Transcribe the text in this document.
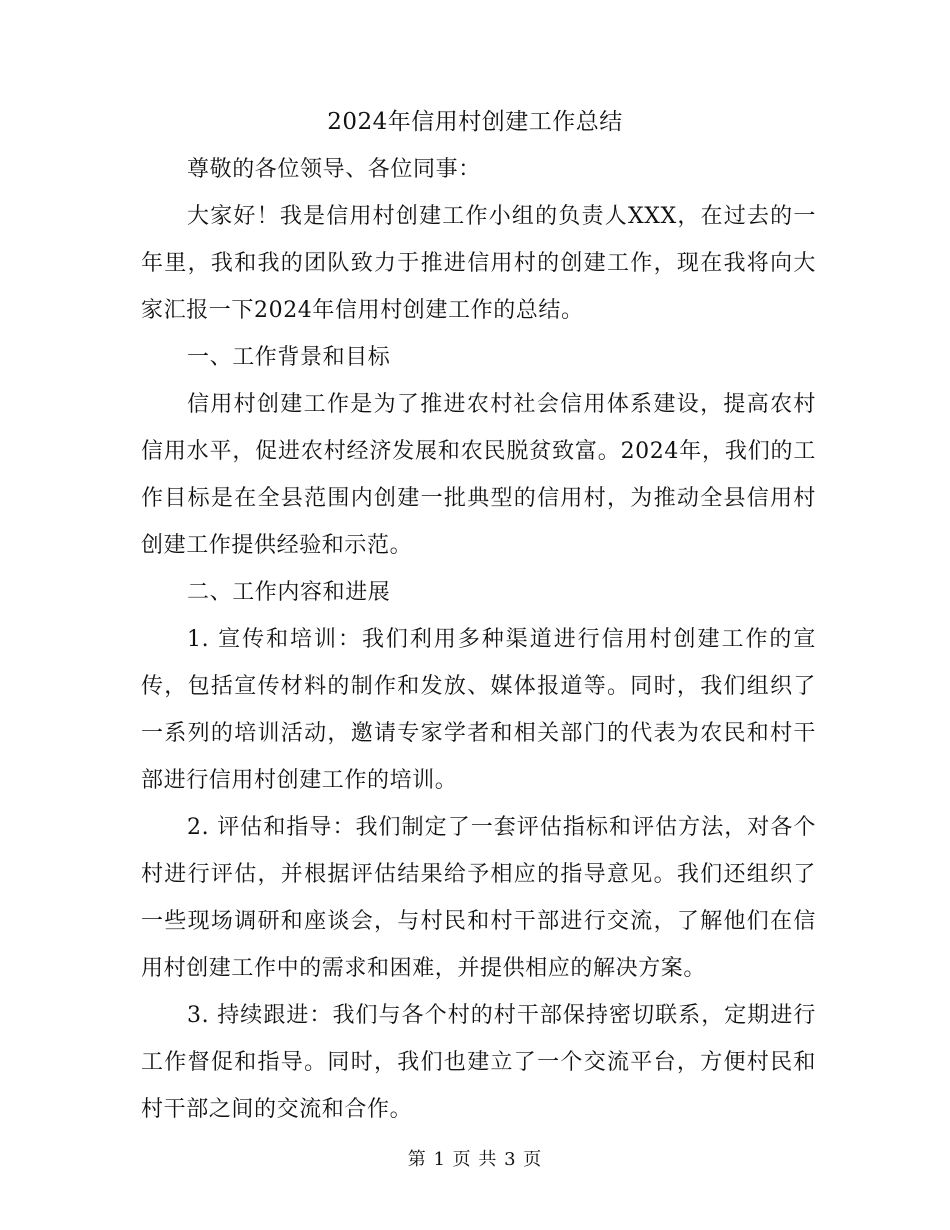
2024年信用村创建工作总结

尊敬的各位领导、各位同事：

大家好！我是信用村创建工作小组的负责人XXX，在过去的一年里，我和我的团队致力于推进信用村的创建工作，现在我将向大家汇报一下2024年信用村创建工作的总结。

一、工作背景和目标

信用村创建工作是为了推进农村社会信用体系建设，提高农村信用水平，促进农村经济发展和农民脱贫致富。2024年，我们的工作目标是在全县范围内创建一批典型的信用村，为推动全县信用村创建工作提供经验和示范。

二、工作内容和进展

1. 宣传和培训：我们利用多种渠道进行信用村创建工作的宣传，包括宣传材料的制作和发放、媒体报道等。同时，我们组织了一系列的培训活动，邀请专家学者和相关部门的代表为农民和村干部进行信用村创建工作的培训。

2. 评估和指导：我们制定了一套评估指标和评估方法，对各个村进行评估，并根据评估结果给予相应的指导意见。我们还组织了一些现场调研和座谈会，与村民和村干部进行交流，了解他们在信用村创建工作中的需求和困难，并提供相应的解决方案。

3. 持续跟进：我们与各个村的村干部保持密切联系，定期进行工作督促和指导。同时，我们也建立了一个交流平台，方便村民和村干部之间的交流和合作。

第 1 页 共 3 页
